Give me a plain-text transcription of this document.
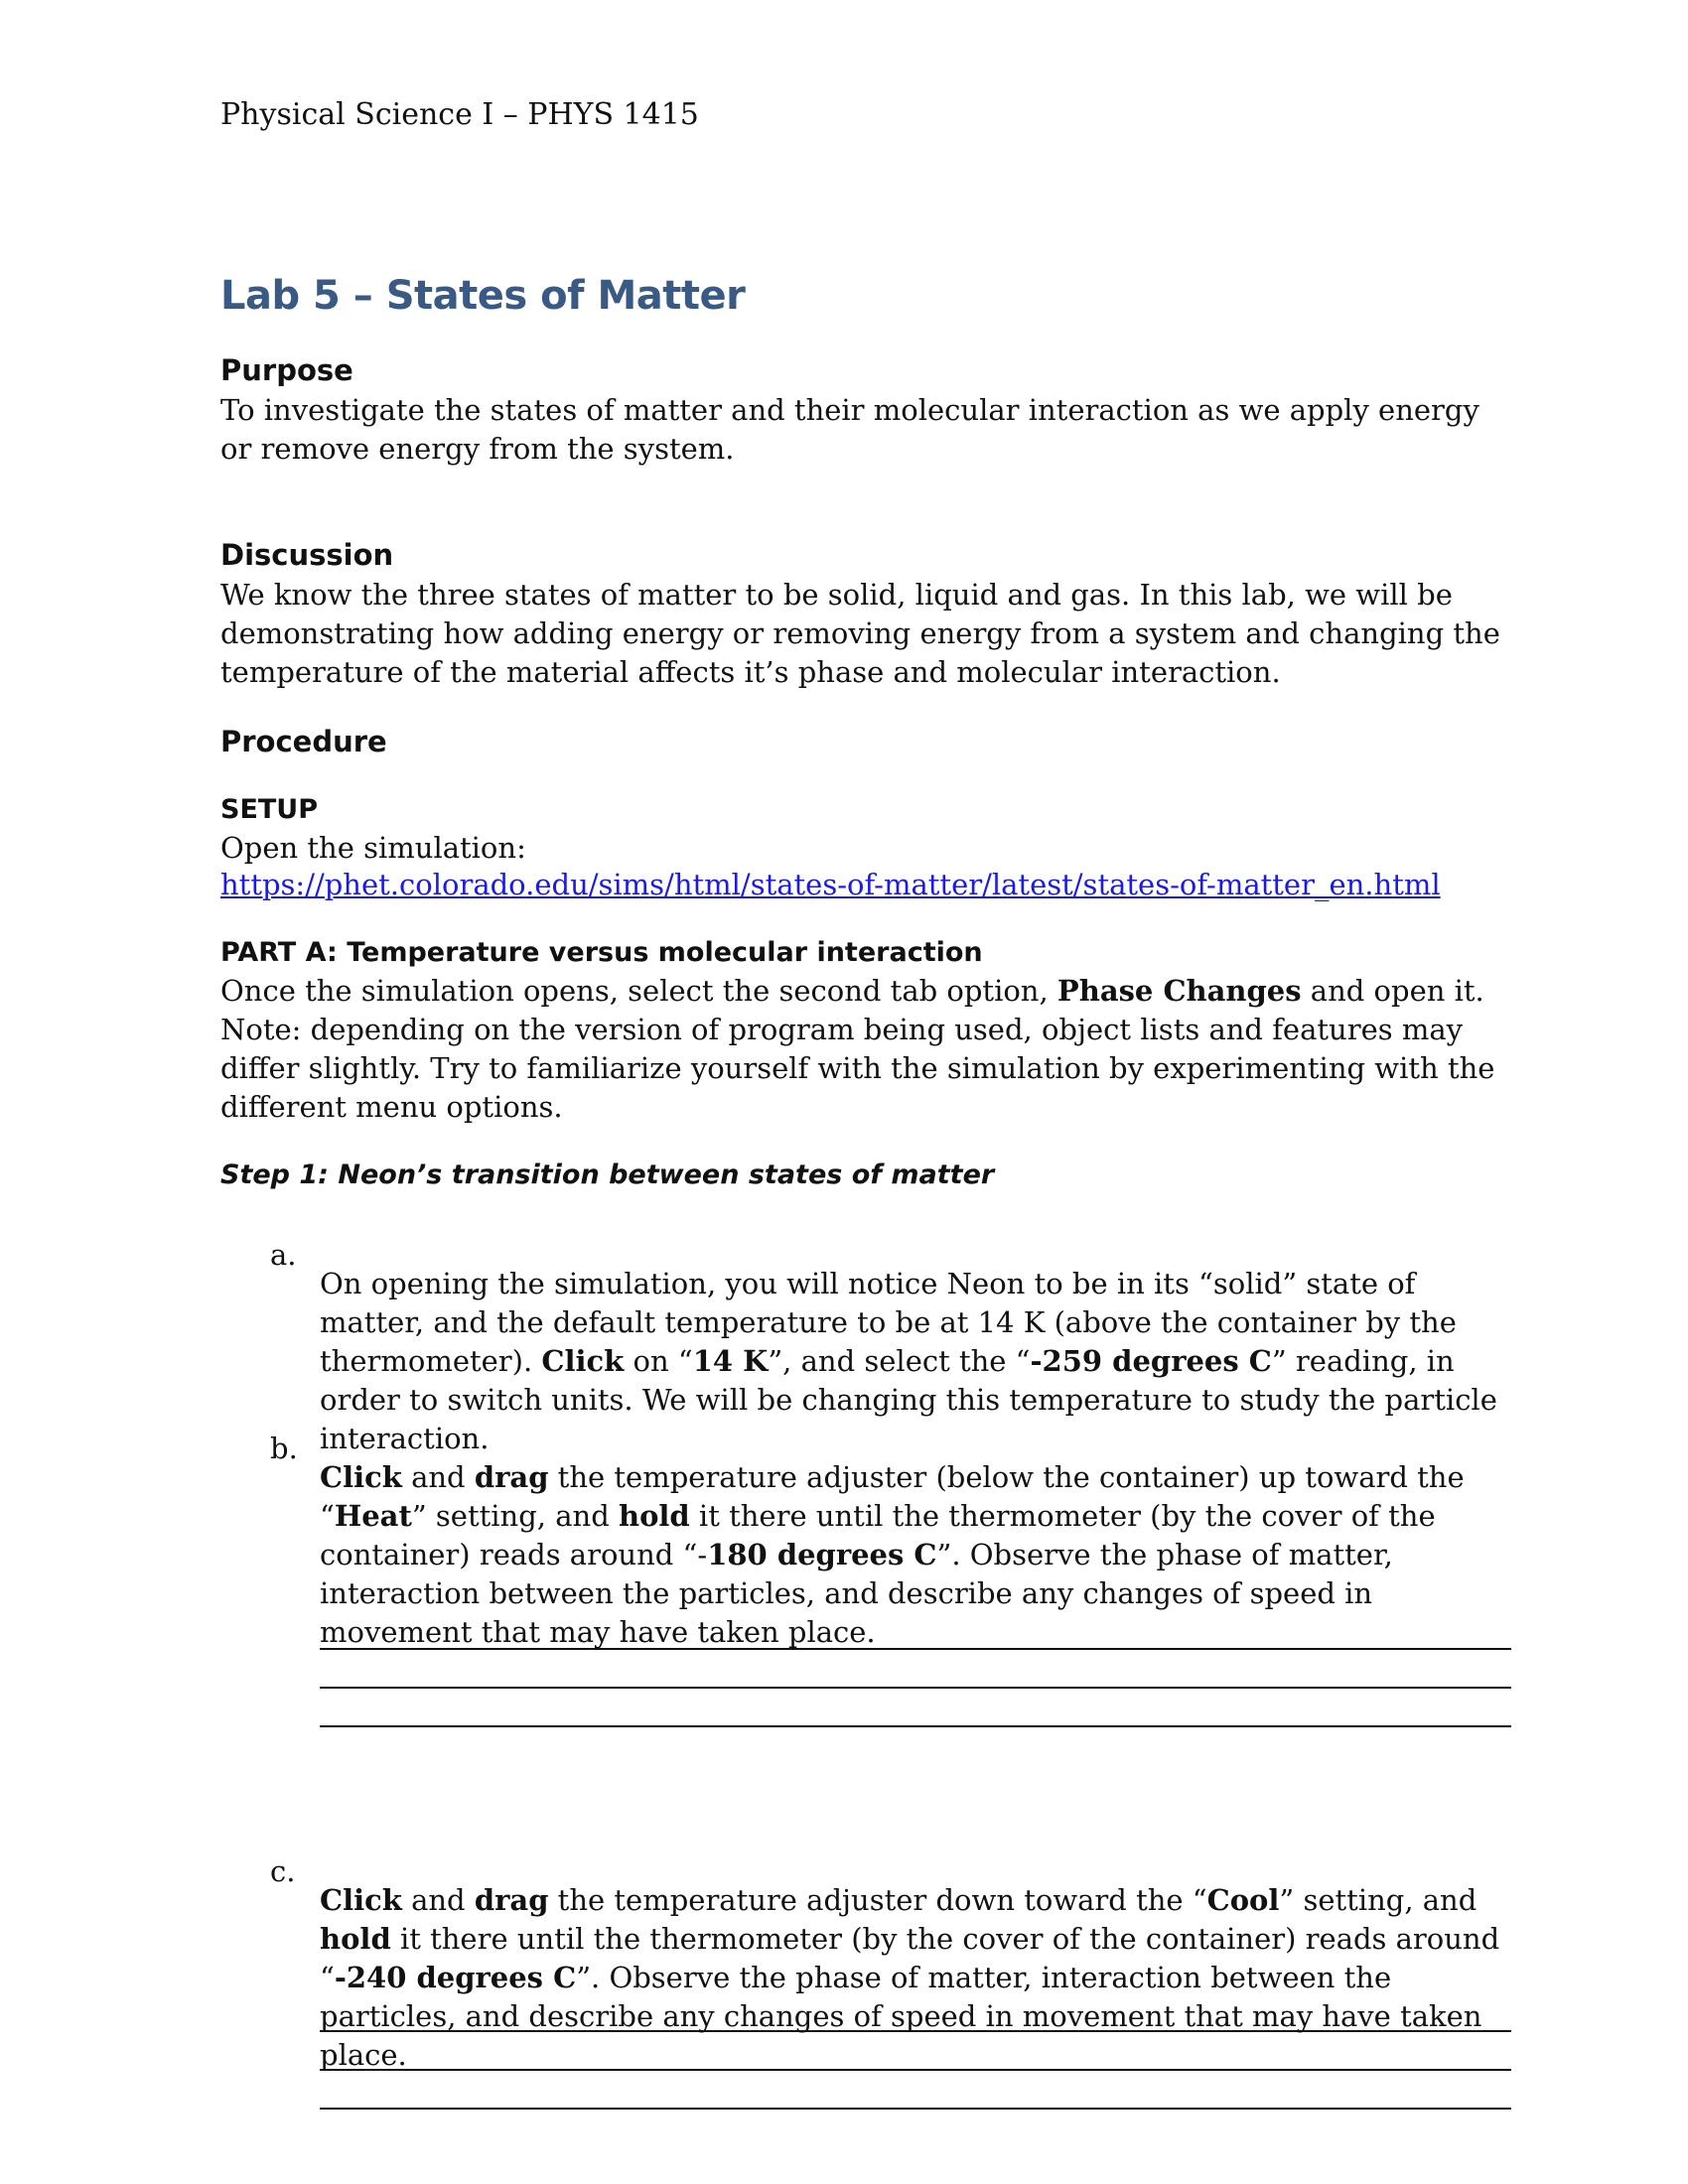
Physical Science I – PHYS 1415
Lab 5 – States of Matter
Purpose

To investigate the states of matter and their molecular interaction as we apply energy or remove energy from the system.

Discussion

We know the three states of matter to be solid, liquid and gas. In this lab, we will be demonstrating how adding energy or removing energy from a system and changing the temperature of the material affects it’s phase and molecular interaction.

Procedure
SETUP

Open the simulation:

https://phet.colorado.edu/sims/html/states-of-matter/latest/states-of-matter_en.html
PART A: Temperature versus molecular interaction

Once the simulation opens, select the second tab option, Phase Changes and open it. Note: depending on the version of program being used, object lists and features may differ slightly. Try to familiarize yourself with the simulation by experimenting with the different menu options.

Step 1: Neon’s transition between states of matter
a.

On opening the simulation, you will notice Neon to be in its “solid” state of matter, and the default temperature to be at 14 K (above the container by the thermometer). Click on “14 K”, and select the “-259 degrees C” reading, in order to switch units. We will be changing this temperature to study the particle interaction.

b.

Click and drag the temperature adjuster (below the container) up toward the “Heat” setting, and hold it there until the thermometer (by the cover of the container) reads around “-180 degrees C”. Observe the phase of matter, interaction between the particles, and describe any changes of speed in movement that may have taken place.

c.

Click and drag the temperature adjuster down toward the “Cool” setting, and hold it there until the thermometer (by the cover of the container) reads around “-240 degrees C”. Observe the phase of matter, interaction between the particles, and describe any changes of speed in movement that may have taken place.
